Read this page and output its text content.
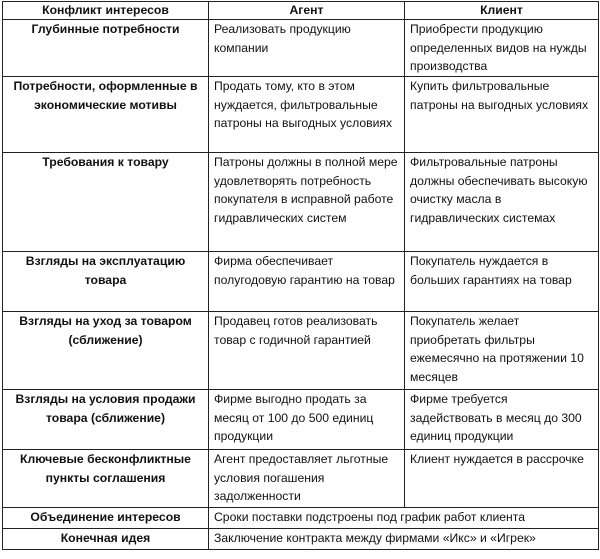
Конфликт интересов	Агент	Клиент
Глубинные потребности	Реализовать продукцию компании	Приобрести продукцию определенных видов на нужды производства
Потребности, оформленные в экономические мотивы	Продать тому, кто в этом нуждается, фильтровальные патроны на выгодных условиях	Купить фильтровальные патроны на выгодных условиях
Требования к товару	Патроны должны в полной мере удовлетворять потребность покупателя в исправной работе гидравлических систем	Фильтровальные патроны должны обеспечивать высокую очистку масла в гидравлических системах
Взгляды на эксплуатацию товара	Фирма обеспечивает полугодовую гарантию на товар	Покупатель нуждается в больших гарантиях на товар
Взгляды на уход за товаром (сближение)	Продавец готов реализовать товар с годичной гарантией	Покупатель желает приобретать фильтры ежемесячно на протяжении 10 месяцев
Взгляды на условия продажи товара (сближение)	Фирме выгодно продать за месяц от 100 до 500 единиц продукции	Фирме требуется задействовать в месяц до 300 единиц продукции
Ключевые бесконфликтные пункты соглашения	Агент предоставляет льготные условия погашения задолженности	Клиент нуждается в рассрочке
Объединение интересов	Сроки поставки подстроены под график работ клиента	
Конечная идея	Заключение контракта между фирмами «Икс» и «Игрек»	
